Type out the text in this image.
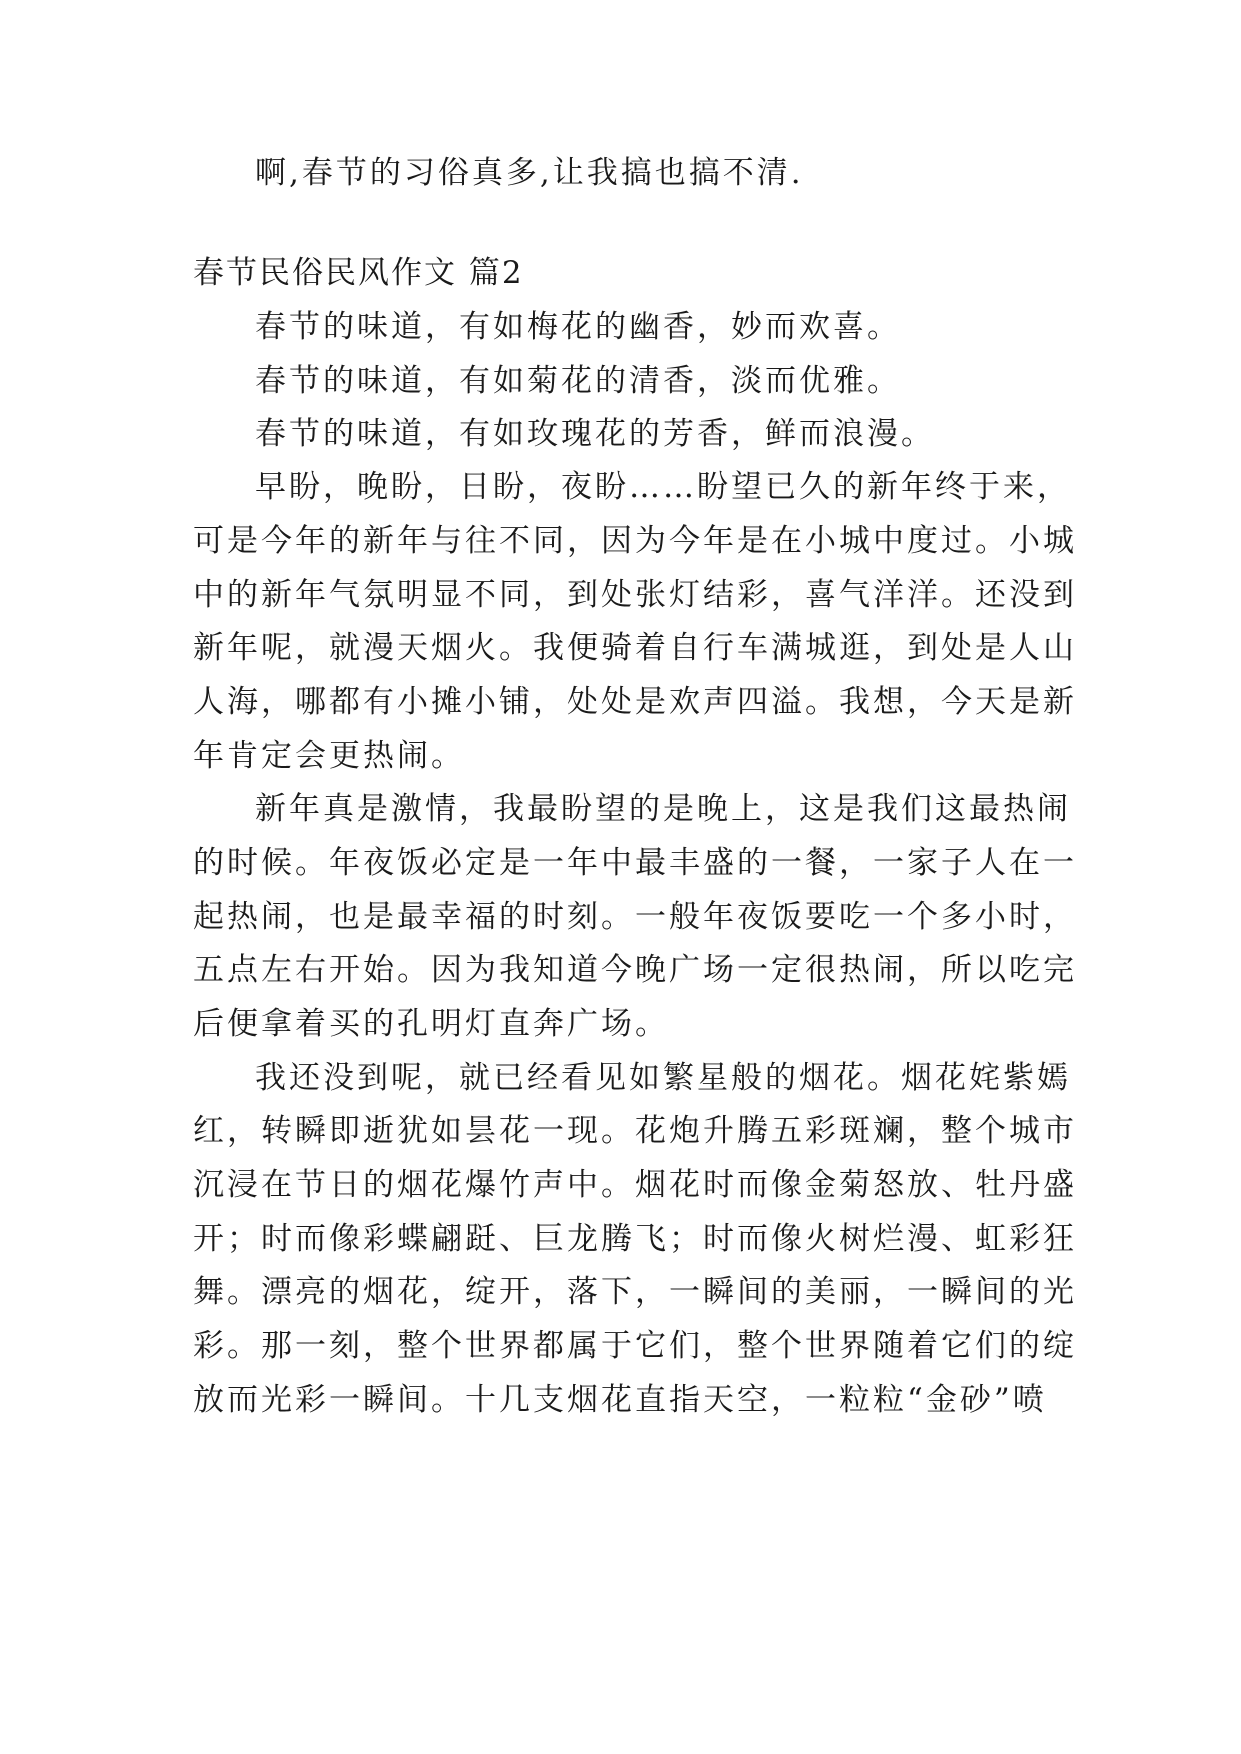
啊,春节的习俗真多,让我搞也搞不清.
春节民俗民风作文 篇2
春节的味道，有如梅花的幽香，妙而欢喜。
春节的味道，有如菊花的清香，淡而优雅。
春节的味道，有如玫瑰花的芳香，鲜而浪漫。
早盼，晚盼，日盼，夜盼……盼望已久的新年终于来，
可是今年的新年与往不同，因为今年是在小城中度过。小城
中的新年气氛明显不同，到处张灯结彩，喜气洋洋。还没到
新年呢，就漫天烟火。我便骑着自行车满城逛，到处是人山
人海，哪都有小摊小铺，处处是欢声四溢。我想，今天是新
年肯定会更热闹。
新年真是激情，我最盼望的是晚上，这是我们这最热闹
的时候。年夜饭必定是一年中最丰盛的一餐，一家子人在一
起热闹，也是最幸福的时刻。一般年夜饭要吃一个多小时，
五点左右开始。因为我知道今晚广场一定很热闹，所以吃完
后便拿着买的孔明灯直奔广场。
我还没到呢，就已经看见如繁星般的烟花。烟花姹紫嫣
红，转瞬即逝犹如昙花一现。花炮升腾五彩斑斓，整个城市
沉浸在节日的烟花爆竹声中。烟花时而像金菊怒放、牡丹盛
开；时而像彩蝶翩跹、巨龙腾飞；时而像火树烂漫、虹彩狂
舞。漂亮的烟花，绽开，落下，一瞬间的美丽，一瞬间的光
彩。那一刻，整个世界都属于它们，整个世界随着它们的绽
放而光彩一瞬间。十几支烟花直指天空，一粒粒“金砂”喷
